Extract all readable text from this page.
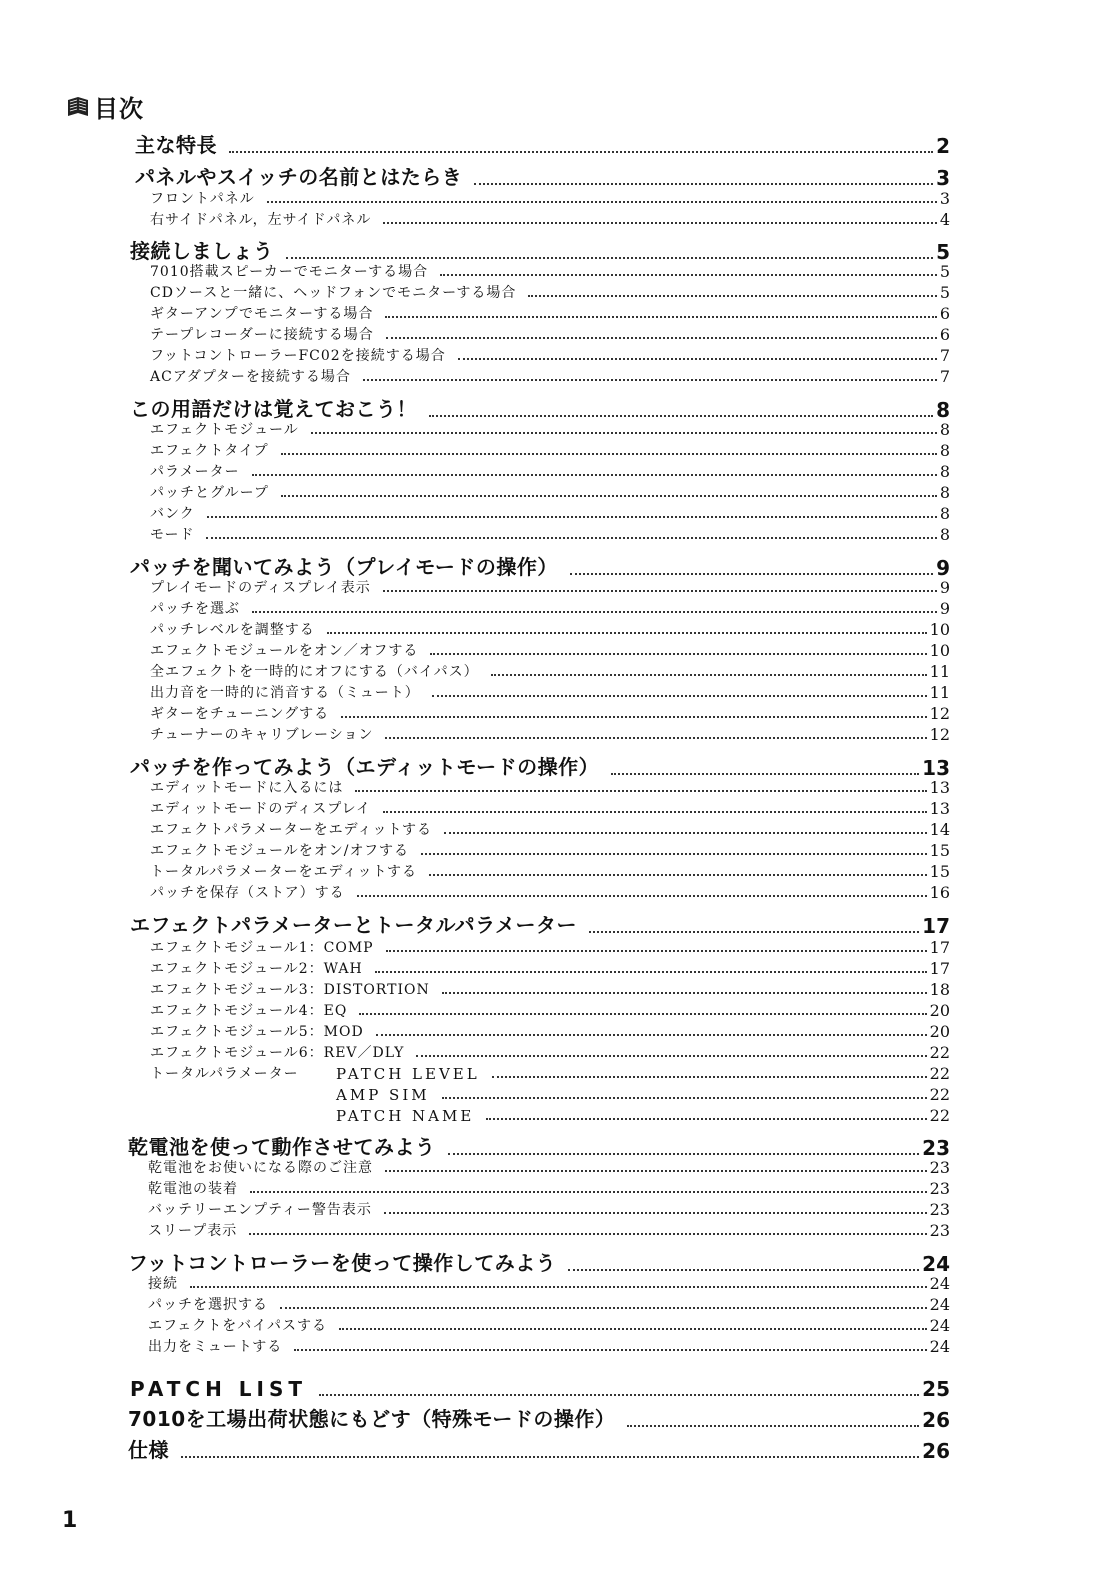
目次
主な特長	2
パネルやスイッチの名前とはたらき	3
フロントパネル	3
右サイドパネル，左サイドパネル	4
接続しましょう	5
7010搭載スピーカーでモニターする場合	5
CDソースと一緒に、ヘッドフォンでモニターする場合	5
ギターアンプでモニターする場合	6
テープレコーダーに接続する場合	6
フットコントローラーFC02を接続する場合	7
ACアダプターを接続する場合	7
この用語だけは覚えておこう！	8
エフェクトモジュール	8
エフェクトタイプ	8
パラメーター	8
パッチとグループ	8
バンク	8
モード	8
パッチを聞いてみよう（プレイモードの操作）	9
プレイモードのディスプレイ表示	9
パッチを選ぶ	9
パッチレベルを調整する	10
エフェクトモジュールをオン／オフする	10
全エフェクトを一時的にオフにする（バイパス）	11
出力音を一時的に消音する（ミュート）	11
ギターをチューニングする	12
チューナーのキャリブレーション	12
パッチを作ってみよう（エディットモードの操作）	13
エディットモードに入るには	13
エディットモードのディスプレイ	13
エフェクトパラメーターをエディットする	14
エフェクトモジュールをオン/オフする	15
トータルパラメーターをエディットする	15
パッチを保存（ストア）する	16
エフェクトパラメーターとトータルパラメーター	17
エフェクトモジュール1：COMP	17
エフェクトモジュール2：WAH	17
エフェクトモジュール3：DISTORTION	18
エフェクトモジュール4：EQ	20
エフェクトモジュール5：MOD	20
エフェクトモジュール6：REV／DLY	22
トータルパラメーター	PATCH LEVEL	22
AMP SIM	22
PATCH NAME	22
乾電池を使って動作させてみよう	23
乾電池をお使いになる際のご注意	23
乾電池の装着	23
バッテリーエンプティー警告表示	23
スリープ表示	23
フットコントローラーを使って操作してみよう	24
接続	24
パッチを選択する	24
エフェクトをバイパスする	24
出力をミュートする	24
PATCH LIST	25
7010を工場出荷状態にもどす（特殊モードの操作）	26
仕様	26
1
